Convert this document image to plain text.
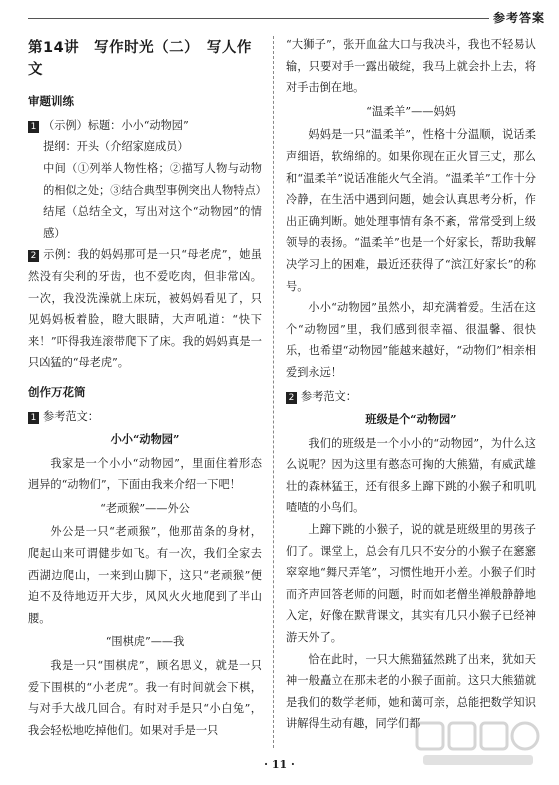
参考答案
第14讲　写作时光（二）　写人作文
审题训练

1 （示例）标题：小小“动物园”

提纲：开头（介绍家庭成员）

中间（①列举人物性格；②描写人物与动物的相似之处；③结合典型事例突出人物特点）

结尾（总结全文，写出对这个“动物园”的情感）

2 示例：我的妈妈那可是一只“母老虎”，她虽然没有尖利的牙齿，也不爱吃肉，但非常凶。一次，我没洗澡就上床玩，被妈妈看见了，只见妈妈板着脸，瞪大眼睛，大声吼道：“快下来！”吓得我连滚带爬下了床。我的妈妈真是一只凶猛的“母老虎”。

创作万花筒

1 参考范文：

小小“动物园”

我家是一个小小“动物园”，里面住着形态迥异的“动物们”，下面由我来介绍一下吧！

“老顽猴”——外公

外公是一只“老顽猴”，他那苗条的身材，爬起山来可谓健步如飞。有一次，我们全家去西湖边爬山，一来到山脚下，这只“老顽猴”便迫不及待地迈开大步，风风火火地爬到了半山腰。

“围棋虎”——我

我是一只“围棋虎”，顾名思义，就是一只爱下围棋的“小老虎”。我一有时间就会下棋，与对手大战几回合。有时对手是只“小白兔”，我会轻松地吃掉他们。如果对手是一只

“大狮子”，张开血盆大口与我决斗，我也不轻易认输，只要对手一露出破绽，我马上就会扑上去，将对手击倒在地。

“温柔羊”——妈妈

妈妈是一只“温柔羊”，性格十分温顺，说话柔声细语，软绵绵的。如果你现在正火冒三丈，那么和“温柔羊”说话准能火气全消。“温柔羊”工作十分冷静，在生活中遇到问题，她会认真思考分析，作出正确判断。她处理事情有条不紊，常常受到上级领导的表扬。“温柔羊”也是一个好家长，帮助我解决学习上的困难，最近还获得了“滨江好家长”的称号。

小小“动物园”虽然小，却充满着爱。生活在这个“动物园”里，我们感到很幸福、很温馨、很快乐，也希望“动物园”能越来越好，“动物们”相亲相爱到永远！

2 参考范文：

班级是个“动物园”

我们的班级是一个小小的“动物园”，为什么这么说呢？因为这里有憨态可掬的大熊猫，有威武雄壮的森林猛王，还有很多上蹿下跳的小猴子和叽叽喳喳的小鸟们。

上蹿下跳的小猴子，说的就是班级里的男孩子们了。课堂上，总会有几只不安分的小猴子在窸窸窣窣地“舞尺弄笔”，习惯性地开小差。小猴子们时而齐声回答老师的问题，时而如老僧坐禅般静静地入定，好像在默背课文，其实有几只小猴子已经神游天外了。

恰在此时，一只大熊猫猛然跳了出来，犹如天神一般矗立在那未老的小猴子面前。这只大熊猫就是我们的数学老师，她和蔼可亲，总能把数学知识讲解得生动有趣，同学们都

· 11 ·
